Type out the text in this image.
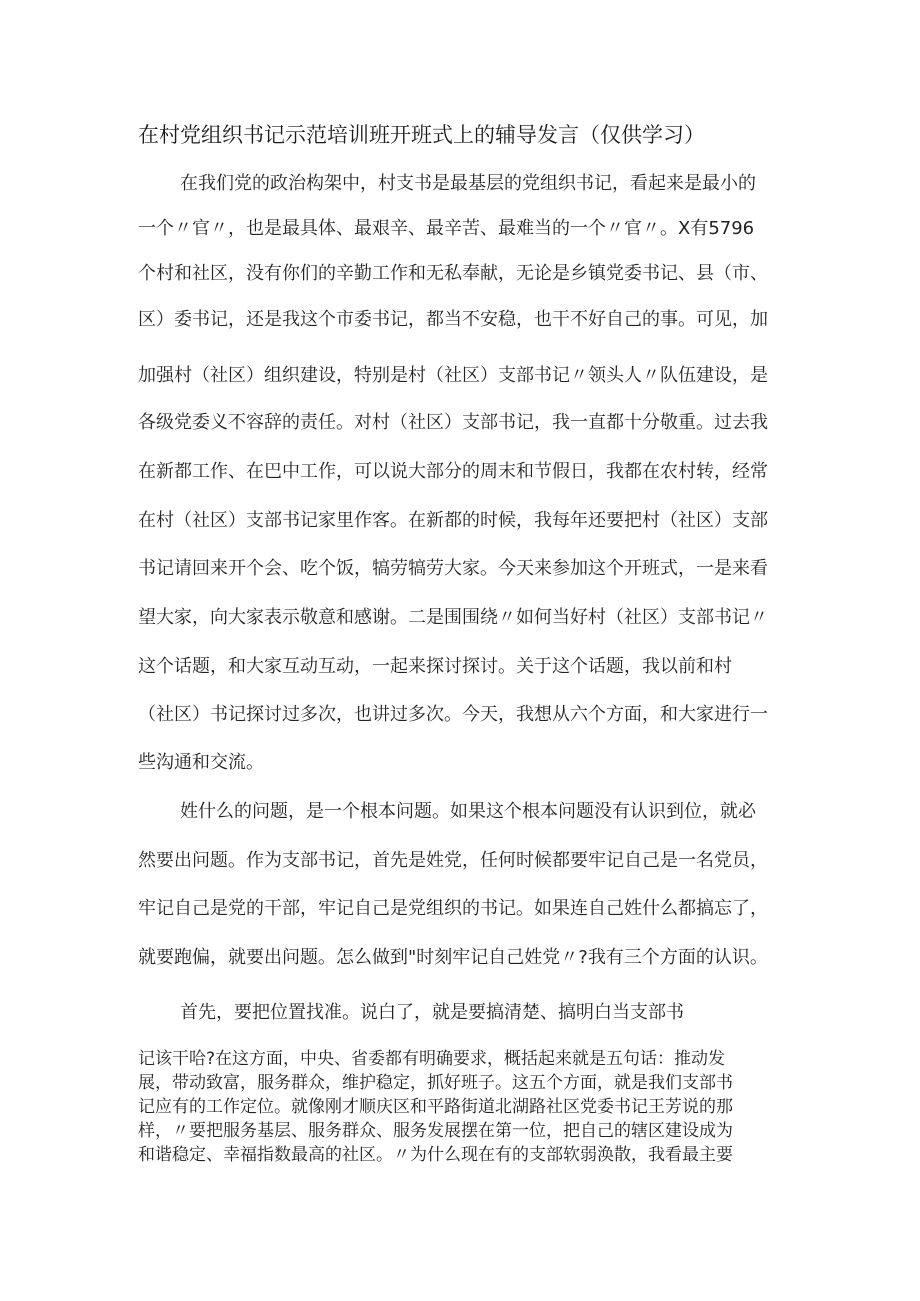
在村党组织书记示范培训班开班式上的辅导发言（仅供学习）
在我们党的政治构架中，村支书是最基层的党组织书记，看起来是最小的
一个〃官〃，也是最具体、最艰辛、最辛苦、最难当的一个〃官〃。X有5796
个村和社区，没有你们的辛勤工作和无私奉献，无论是乡镇党委书记、县（市、
区）委书记，还是我这个市委书记，都当不安稳，也干不好自己的事。可见，加
加强村（社区）组织建设，特别是村（社区）支部书记〃领头人〃队伍建设，是
各级党委义不容辞的责任。对村（社区）支部书记，我一直都十分敬重。过去我
在新都工作、在巴中工作，可以说大部分的周末和节假日，我都在农村转，经常
在村（社区）支部书记家里作客。在新都的时候，我每年还要把村（社区）支部
书记请回来开个会、吃个饭，犒劳犒劳大家。今天来参加这个开班式，一是来看
望大家，向大家表示敬意和感谢。二是围围绕〃如何当好村（社区）支部书记〃
这个话题，和大家互动互动，一起来探讨探讨。关于这个话题，我以前和村
（社区）书记探讨过多次，也讲过多次。今天，我想从六个方面，和大家进行一
些沟通和交流。
姓什么的问题，是一个根本问题。如果这个根本问题没有认识到位，就必
然要出问题。作为支部书记，首先是姓党，任何时候都要牢记自己是一名党员，
牢记自己是党的干部，牢记自己是党组织的书记。如果连自己姓什么都搞忘了，
就要跑偏，就要出问题。怎么做到"时刻牢记自己姓党〃?我有三个方面的认识。
首先，要把位置找准。说白了，就是要搞清楚、搞明白当支部书
记该干哈?在这方面，中央、省委都有明确要求，概括起来就是五句话：推动发
展，带动致富，服务群众，维护稳定，抓好班子。这五个方面，就是我们支部书
记应有的工作定位。就像刚才顺庆区和平路街道北湖路社区党委书记王芳说的那
样，〃要把服务基层、服务群众、服务发展摆在第一位，把自己的辖区建设成为
和谐稳定、幸福指数最高的社区。〃为什么现在有的支部软弱涣散，我看最主要
